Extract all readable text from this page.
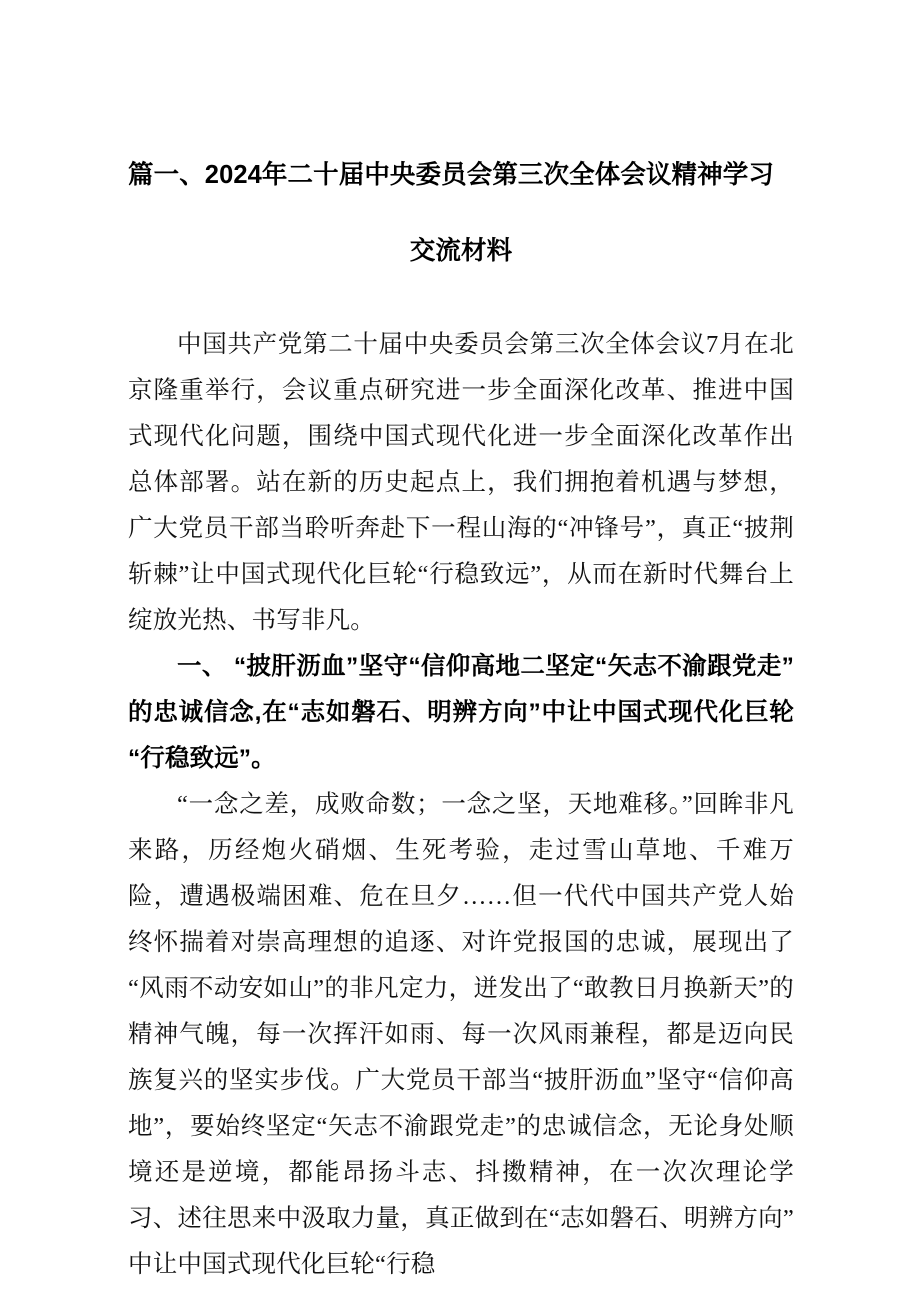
篇一、2024年二十届中央委员会第三次全体会议精神学习
交流材料

中国共产党第二十届中央委员会第三次全体会议7月在北京隆重举行，会议重点研究进一步全面深化改革、推进中国式现代化问题，围绕中国式现代化进一步全面深化改革作出总体部署。站在新的历史起点上，我们拥抱着机遇与梦想，广大党员干部当聆听奔赴下一程山海的“冲锋号”，真正“披荆斩棘”让中国式现代化巨轮“行稳致远”，从而在新时代舞台上绽放光热、书写非凡。

一、 “披肝沥血”坚守“信仰高地二坚定“矢志不渝跟党走”的忠诚信念,在“志如磐石、明辨方向”中让中国式现代化巨轮“行稳致远”。

“一念之差，成败命数；一念之坚，天地难移。”回眸非凡来路，历经炮火硝烟、生死考验，走过雪山草地、千难万险，遭遇极端困难、危在旦夕……但一代代中国共产党人始终怀揣着对崇高理想的追逐、对许党报国的忠诚，展现出了“风雨不动安如山”的非凡定力，迸发出了“敢教日月换新天”的精神气魄，每一次挥汗如雨、每一次风雨兼程，都是迈向民族复兴的坚实步伐。广大党员干部当“披肝沥血”坚守“信仰高地”，要始终坚定“矢志不渝跟党走”的忠诚信念，无论身处顺境还是逆境，都能昂扬斗志、抖擞精神，在一次次理论学习、述往思来中汲取力量，真正做到在“志如磐石、明辨方向”中让中国式现代化巨轮“行稳
